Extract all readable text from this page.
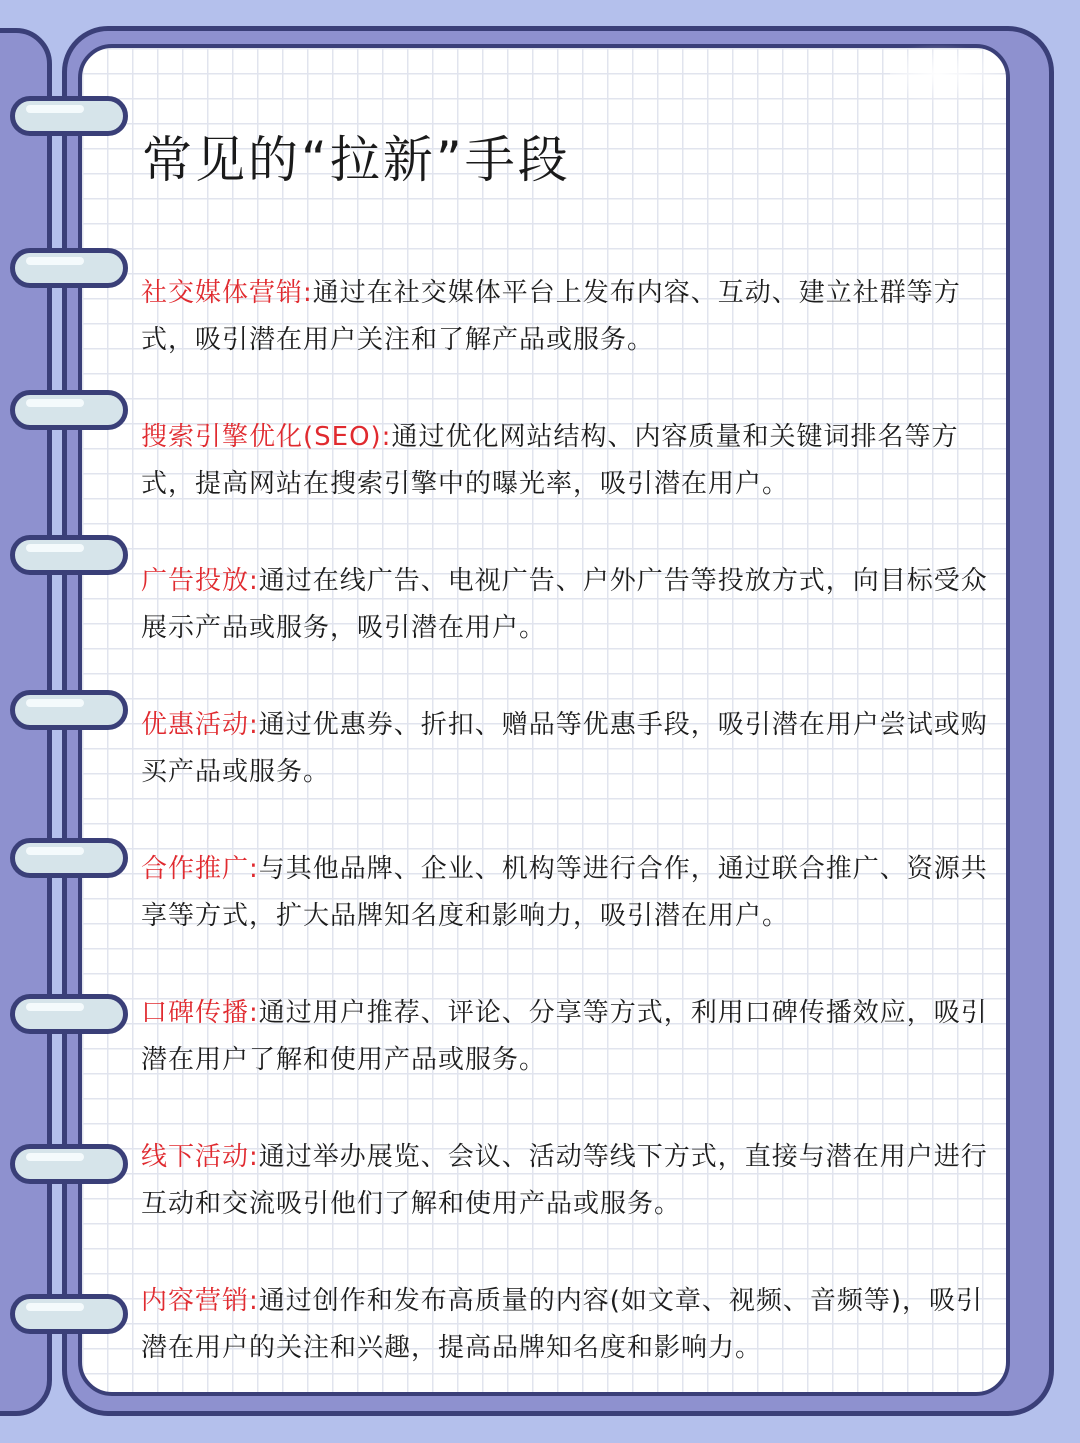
常见的“拉新”手段

社交媒体营销:通过在社交媒体平台上发布内容、互动、建立社群等方式，吸引潜在用户关注和了解产品或服务。

搜索引擎优化(SEO):通过优化网站结构、内容质量和关键词排名等方式，提高网站在搜索引擎中的曝光率，吸引潜在用户。

广告投放:通过在线广告、电视广告、户外广告等投放方式，向目标受众展示产品或服务，吸引潜在用户。

优惠活动:通过优惠券、折扣、赠品等优惠手段，吸引潜在用户尝试或购买产品或服务。

合作推广:与其他品牌、企业、机构等进行合作，通过联合推广、资源共享等方式，扩大品牌知名度和影响力，吸引潜在用户。

口碑传播:通过用户推荐、评论、分享等方式，利用口碑传播效应，吸引潜在用户了解和使用产品或服务。

线下活动:通过举办展览、会议、活动等线下方式，直接与潜在用户进行互动和交流吸引他们了解和使用产品或服务。

内容营销:通过创作和发布高质量的内容(如文章、视频、音频等)，吸引潜在用户的关注和兴趣，提高品牌知名度和影响力。
